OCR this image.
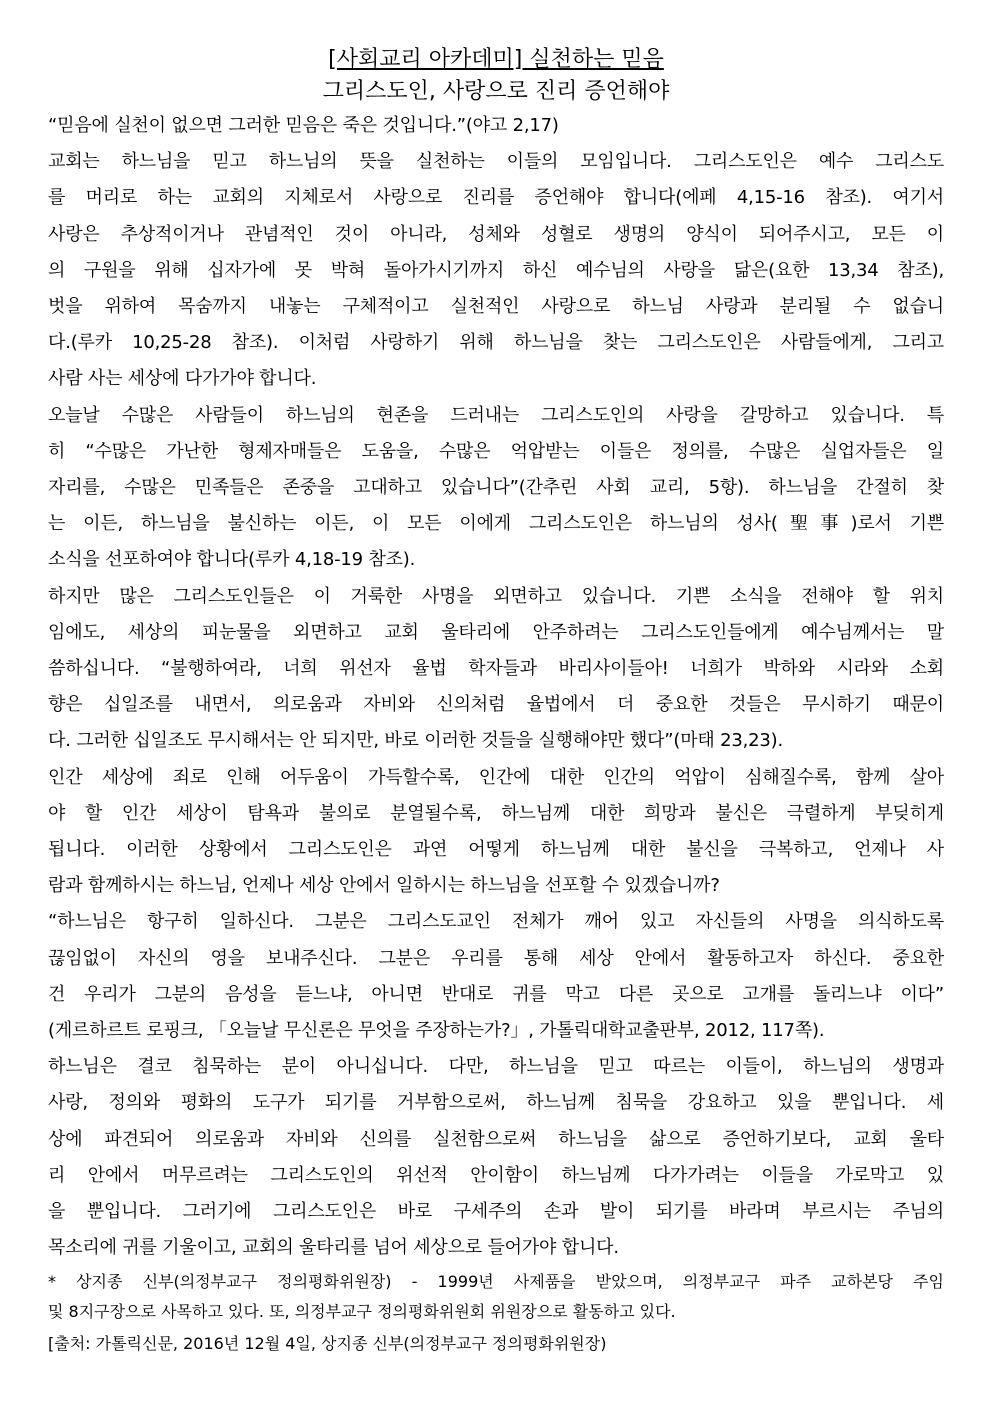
[사회교리 아카데미] 실천하는 믿음
그리스도인, 사랑으로 진리 증언해야
“믿음에 실천이 없으면 그러한 믿음은 죽은 것입니다.”(야고 2,17)
교회는 하느님을 믿고 하느님의 뜻을 실천하는 이들의 모임입니다. 그리스도인은 예수 그리스도
를 머리로 하는 교회의 지체로서 사랑으로 진리를 증언해야 합니다(에페 4,15-16 참조). 여기서
사랑은 추상적이거나 관념적인 것이 아니라, 성체와 성혈로 생명의 양식이 되어주시고, 모든 이
의 구원을 위해 십자가에 못 박혀 돌아가시기까지 하신 예수님의 사랑을 닮은(요한 13,34 참조),
벗을 위하여 목숨까지 내놓는 구체적이고 실천적인 사랑으로 하느님 사랑과 분리될 수 없습니
다.(루카 10,25-28 참조). 이처럼 사랑하기 위해 하느님을 찾는 그리스도인은 사람들에게, 그리고
사람 사는 세상에 다가가야 합니다.
오늘날 수많은 사람들이 하느님의 현존을 드러내는 그리스도인의 사랑을 갈망하고 있습니다. 특
히 “수많은 가난한 형제자매들은 도움을, 수많은 억압받는 이들은 정의를, 수많은 실업자들은 일
자리를, 수많은 민족들은 존중을 고대하고 있습니다”(간추린 사회 교리, 5항). 하느님을 간절히 찾
는 이든, 하느님을 불신하는 이든, 이 모든 이에게 그리스도인은 하느님의 성사(聖事)로서 기쁜
소식을 선포하여야 합니다(루카 4,18-19 참조).
하지만 많은 그리스도인들은 이 거룩한 사명을 외면하고 있습니다. 기쁜 소식을 전해야 할 위치
임에도, 세상의 피눈물을 외면하고 교회 울타리에 안주하려는 그리스도인들에게 예수님께서는 말
씀하십니다. “불행하여라, 너희 위선자 율법 학자들과 바리사이들아! 너희가 박하와 시라와 소회
향은 십일조를 내면서, 의로움과 자비와 신의처럼 율법에서 더 중요한 것들은 무시하기 때문이
다. 그러한 십일조도 무시해서는 안 되지만, 바로 이러한 것들을 실행해야만 했다”(마태 23,23).
인간 세상에 죄로 인해 어두움이 가득할수록, 인간에 대한 인간의 억압이 심해질수록, 함께 살아
야 할 인간 세상이 탐욕과 불의로 분열될수록, 하느님께 대한 희망과 불신은 극렬하게 부딪히게
됩니다. 이러한 상황에서 그리스도인은 과연 어떻게 하느님께 대한 불신을 극복하고, 언제나 사
람과 함께하시는 하느님, 언제나 세상 안에서 일하시는 하느님을 선포할 수 있겠습니까?
“하느님은 항구히 일하신다. 그분은 그리스도교인 전체가 깨어 있고 자신들의 사명을 의식하도록
끊임없이 자신의 영을 보내주신다. 그분은 우리를 통해 세상 안에서 활동하고자 하신다. 중요한
건 우리가 그분의 음성을 듣느냐, 아니면 반대로 귀를 막고 다른 곳으로 고개를 돌리느냐 이다”
(게르하르트 로핑크, 「오늘날 무신론은 무엇을 주장하는가?」, 가톨릭대학교출판부, 2012, 117쪽).
하느님은 결코 침묵하는 분이 아니십니다. 다만, 하느님을 믿고 따르는 이들이, 하느님의 생명과
사랑, 정의와 평화의 도구가 되기를 거부함으로써, 하느님께 침묵을 강요하고 있을 뿐입니다. 세
상에 파견되어 의로움과 자비와 신의를 실천함으로써 하느님을 삶으로 증언하기보다, 교회 울타
리 안에서 머무르려는 그리스도인의 위선적 안이함이 하느님께 다가가려는 이들을 가로막고 있
을 뿐입니다. 그러기에 그리스도인은 바로 구세주의 손과 발이 되기를 바라며 부르시는 주님의
목소리에 귀를 기울이고, 교회의 울타리를 넘어 세상으로 들어가야 합니다.
* 상지종 신부(의정부교구 정의평화위원장) - 1999년 사제품을 받았으며, 의정부교구 파주 교하본당 주임
및 8지구장으로 사목하고 있다. 또, 의정부교구 정의평화위원회 위원장으로 활동하고 있다.
[출처: 가톨릭신문, 2016년 12월 4일, 상지종 신부(의정부교구 정의평화위원장)
